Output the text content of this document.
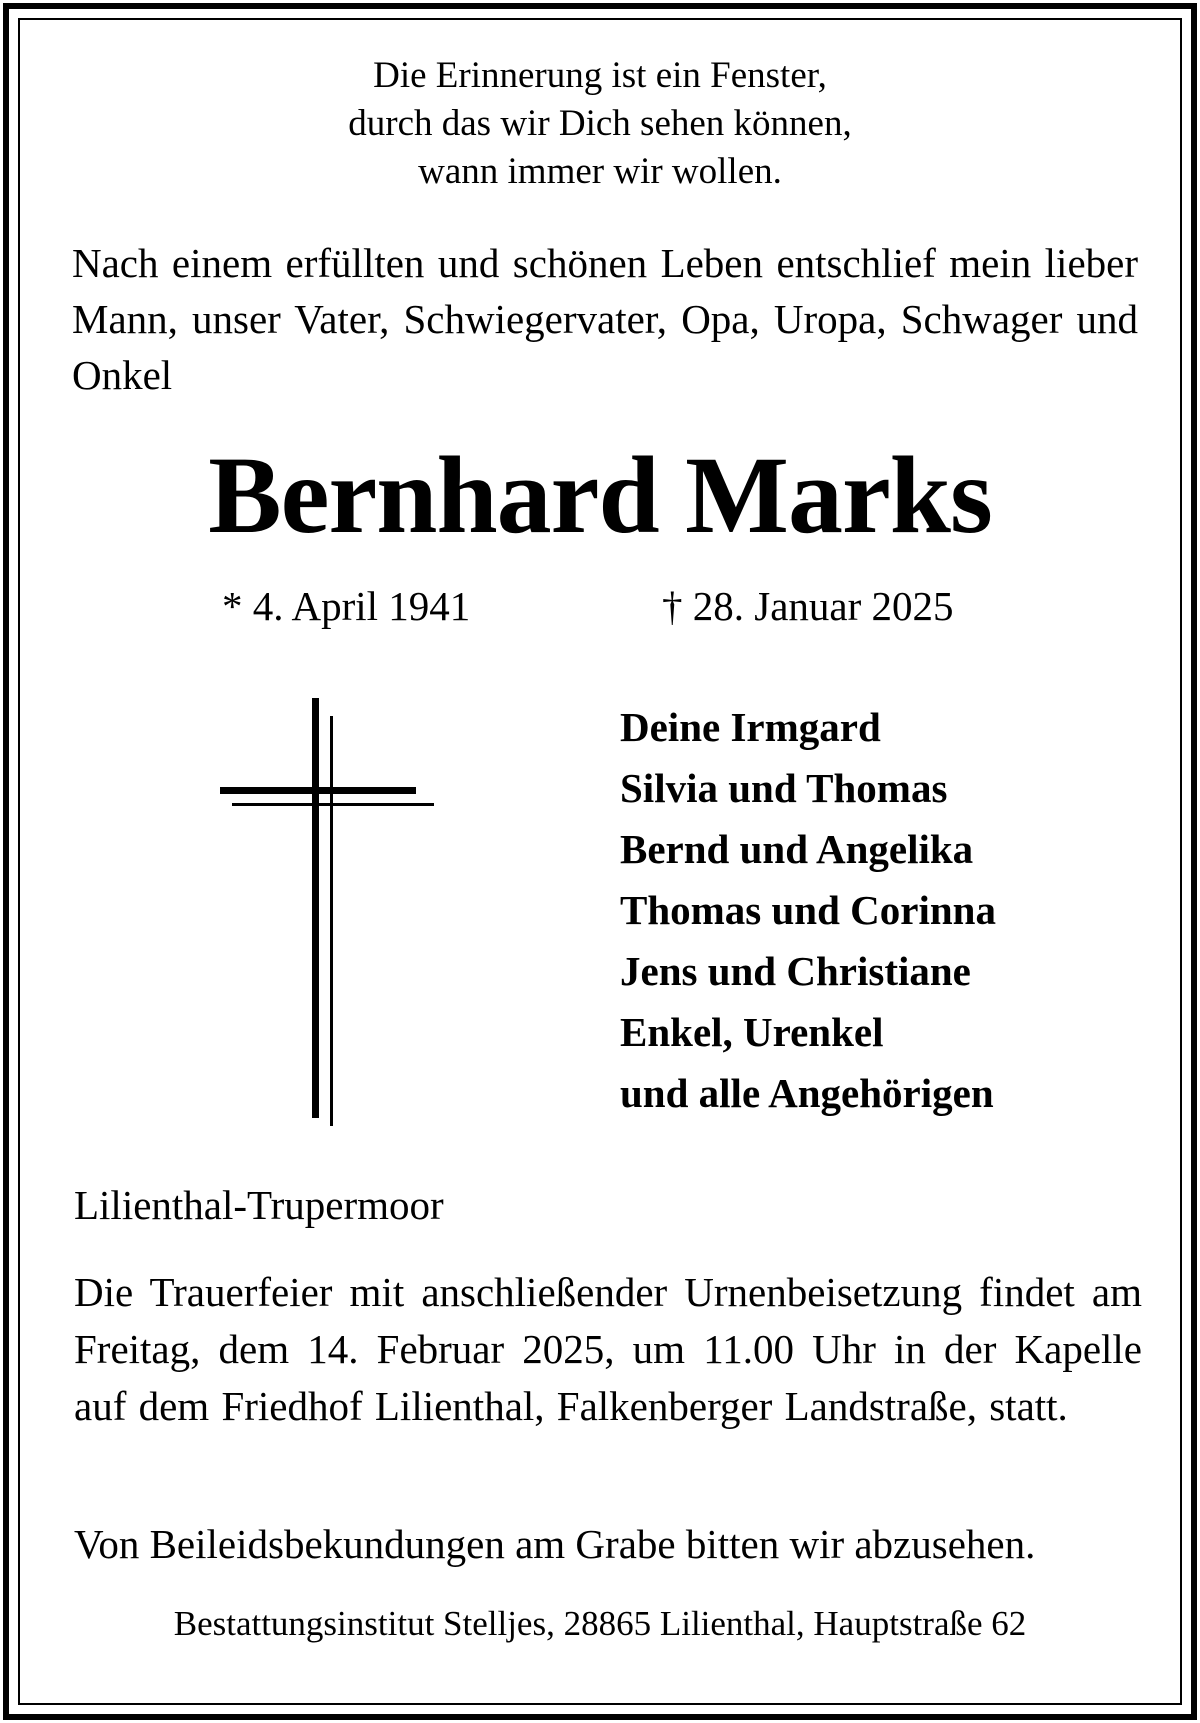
Die Erinnerung ist ein Fenster,
durch das wir Dich sehen können,
wann immer wir wollen.
Nach einem erfüllten und schönen Leben entschlief mein lieber Mann, unser Vater, Schwiegervater, Opa, Uropa, Schwager und Onkel
Bernhard Marks
* 4. April 1941	† 28. Januar 2025
Deine Irmgard
Silvia und Thomas
Bernd und Angelika
Thomas und Corinna
Jens und Christiane
Enkel, Urenkel
und alle Angehörigen
Lilienthal-Trupermoor
Die Trauerfeier mit anschließender Urnenbeisetzung findet am Freitag, dem 14. Februar 2025, um 11.00 Uhr in der Kapelle auf dem Friedhof Lilienthal, Falkenberger Landstraße, statt.
Von Beileidsbekundungen am Grabe bitten wir abzusehen.
Bestattungsinstitut Stelljes, 28865 Lilienthal, Hauptstraße 62
